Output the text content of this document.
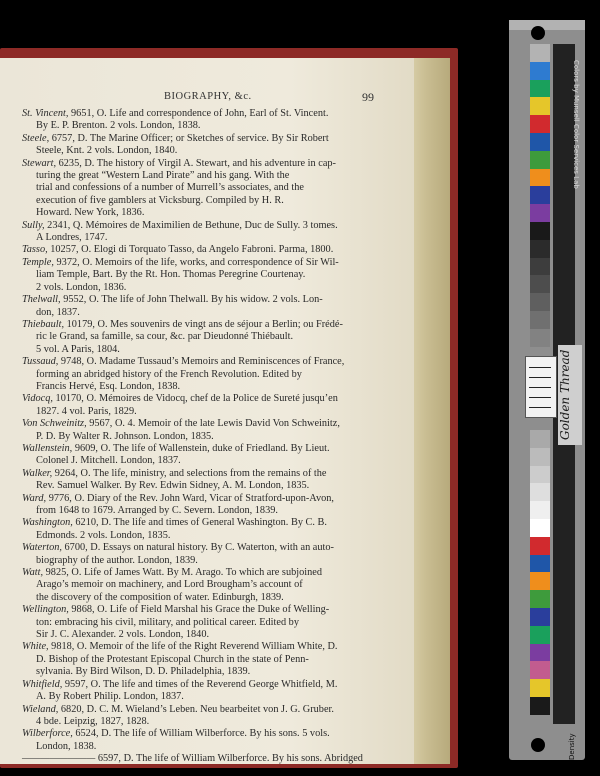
BIOGRAPHY, &c.	99
St. Vincent, 9651, O. Life and correspondence of John, Earl of St. Vincent.
By E. P. Brenton. 2 vols. London, 1838.
Steele, 6757, D. The Marine Officer; or Sketches of service. By Sir Robert
Steele, Knt. 2 vols. London, 1840.
Stewart, 6235, D. The history of Virgil A. Stewart, and his adventure in cap-
turing the great “Western Land Pirate” and his gang. With the
trial and confessions of a number of Murrell’s associates, and the
execution of five gamblers at Vicksburg. Compiled by H. R.
Howard. New York, 1836.
Sully, 2341, Q. Mémoires de Maximilien de Bethune, Duc de Sully. 3 tomes.
A Londres, 1747.
Tasso, 10257, O. Elogi di Torquato Tasso, da Angelo Fabroni. Parma, 1800.
Temple, 9372, O. Memoirs of the life, works, and correspondence of Sir Wil-
liam Temple, Bart. By the Rt. Hon. Thomas Peregrine Courtenay.
2 vols. London, 1836.
Thelwall, 9552, O. The life of John Thelwall. By his widow. 2 vols. Lon-
don, 1837.
Thiebault, 10179, O. Mes souvenirs de vingt ans de séjour a Berlin; ou Frédé-
ric le Grand, sa famille, sa cour, &c. par Dieudonné Thiébault.
5 vol. A Paris, 1804.
Tussaud, 9748, O. Madame Tussaud’s Memoirs and Reminiscences of France,
forming an abridged history of the French Revolution. Edited by
Francis Hervé, Esq. London, 1838.
Vidocq, 10170, O. Mémoires de Vidocq, chef de la Police de Sureté jusqu’en
1827. 4 vol. Paris, 1829.
Von Schweinitz, 9567, O. 4. Memoir of the late Lewis David Von Schweinitz,
P. D. By Walter R. Johnson. London, 1835.
Wallenstein, 9609, O. The life of Wallenstein, duke of Friedland. By Lieut.
Colonel J. Mitchell. London, 1837.
Walker, 9264, O. The life, ministry, and selections from the remains of the
Rev. Samuel Walker. By Rev. Edwin Sidney, A. M. London, 1835.
Ward, 9776, O. Diary of the Rev. John Ward, Vicar of Stratford-upon-Avon,
from 1648 to 1679. Arranged by C. Severn. London, 1839.
Washington, 6210, D. The life and times of General Washington. By C. B.
Edmonds. 2 vols. London, 1835.
Waterton, 6700, D. Essays on natural history. By C. Waterton, with an auto-
biography of the author. London, 1839.
Watt, 9825, O. Life of James Watt. By M. Arago. To which are subjoined
Arago’s memoir on machinery, and Lord Brougham’s account of
the discovery of the composition of water. Edinburgh, 1839.
Wellington, 9868, O. Life of Field Marshal his Grace the Duke of Welling-
ton: embracing his civil, military, and political career. Edited by
Sir J. C. Alexander. 2 vols. London, 1840.
White, 9818, O. Memoir of the life of the Right Reverend William White, D.
D. Bishop of the Protestant Episcopal Church in the state of Penn-
sylvania. By Bird Wilson, D. D. Philadelphia, 1839.
Whitfield, 9597, O. The life and times of the Reverend George Whitfield, M.
A. By Robert Philip. London, 1837.
Wieland, 6820, D. C. M. Wieland’s Leben. Neu bearbeitet von J. G. Gruber.
4 bde. Leipzig, 1827, 1828.
Wilberforce, 6524, D. The life of William Wilberforce. By his sons. 5 vols.
London, 1838.
———————— 6597, D. The life of William Wilberforce. By his sons. Abridged
Colors by Munsell Color Services Lab
Golden Thread
Density
